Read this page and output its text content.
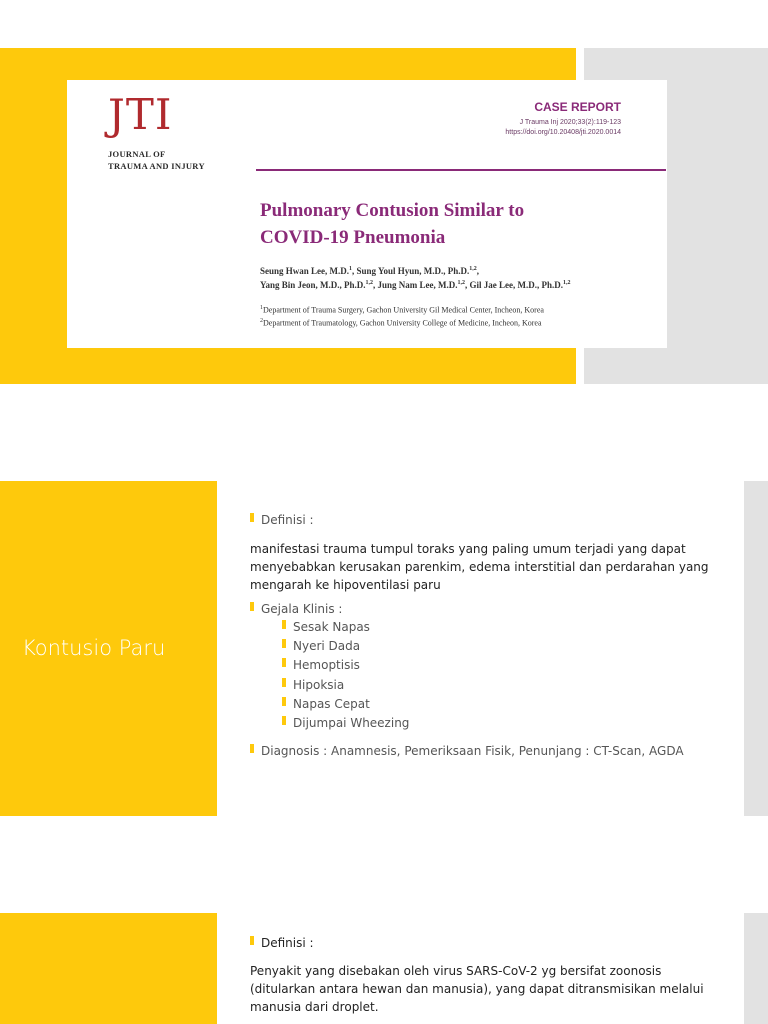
JTI
JOURNAL OF
TRAUMA AND INJURY
CASE REPORT
J Trauma Inj 2020;33(2):119-123
https://doi.org/10.20408/jti.2020.0014
Pulmonary Contusion Similar to
COVID-19 Pneumonia
Seung Hwan Lee, M.D.$^1$, Sung Youl Hyun, M.D., Ph.D.$^{1,2}$,
Yang Bin Jeon, M.D., Ph.D.$^{1,2}$, Jung Nam Lee, M.D.$^{1,2}$, Gil Jae Lee, M.D., Ph.D.$^{1,2}$
$^1$Department of Trauma Surgery, Gachon University Gil Medical Center, Incheon, Korea
$^2$Department of Traumatology, Gachon University College of Medicine, Incheon, Korea
Kontusio Paru
Definisi :
manifestasi trauma tumpul toraks yang paling umum terjadi yang dapat
menyebabkan kerusakan parenkim, edema interstitial dan perdarahan yang
mengarah ke hipoventilasi paru
Gejala Klinis :
Sesak Napas
Nyeri Dada
Hemoptisis
Hipoksia
Napas Cepat
Dijumpai Wheezing
Diagnosis : Anamnesis, Pemeriksaan Fisik, Penunjang : CT-Scan, AGDA
Definisi :
Penyakit yang disebakan oleh virus SARS-CoV-2 yg bersifat zoonosis
(ditularkan antara hewan dan manusia), yang dapat ditransmisikan melalui
manusia dari droplet.
